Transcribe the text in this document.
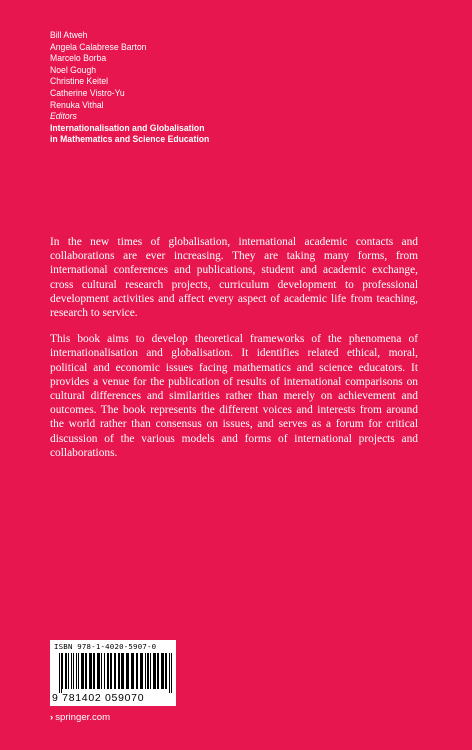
Bill Atweh
Angela Calabrese Barton
Marcelo Borba
Noel Gough
Christine Keitel
Catherine Vistro-Yu
Renuka Vithal
Editors
Internationalisation and Globalisation
in Mathematics and Science Education

In the new times of globalisation, international academic contacts and collaborations are ever increasing. They are taking many forms, from international conferences and publications, student and academic exchange, cross cultural research projects, curriculum development to professional development activities and affect every aspect of academic life from teaching, research to service.

This book aims to develop theoretical frameworks of the phenomena of internationalisation and globalisation. It identifies related ethical, moral, political and economic issues facing mathematics and science educators. It provides a venue for the publication of results of international comparisons on cultural differences and similarities rather than merely on achievement and outcomes. The book represents the different voices and interests from around the world rather than consensus on issues, and serves as a forum for critical discussion of the various models and forms of international projects and collaborations.

ISBN 978-1-4020-5907-0
9 781402 059070
› springer.com
